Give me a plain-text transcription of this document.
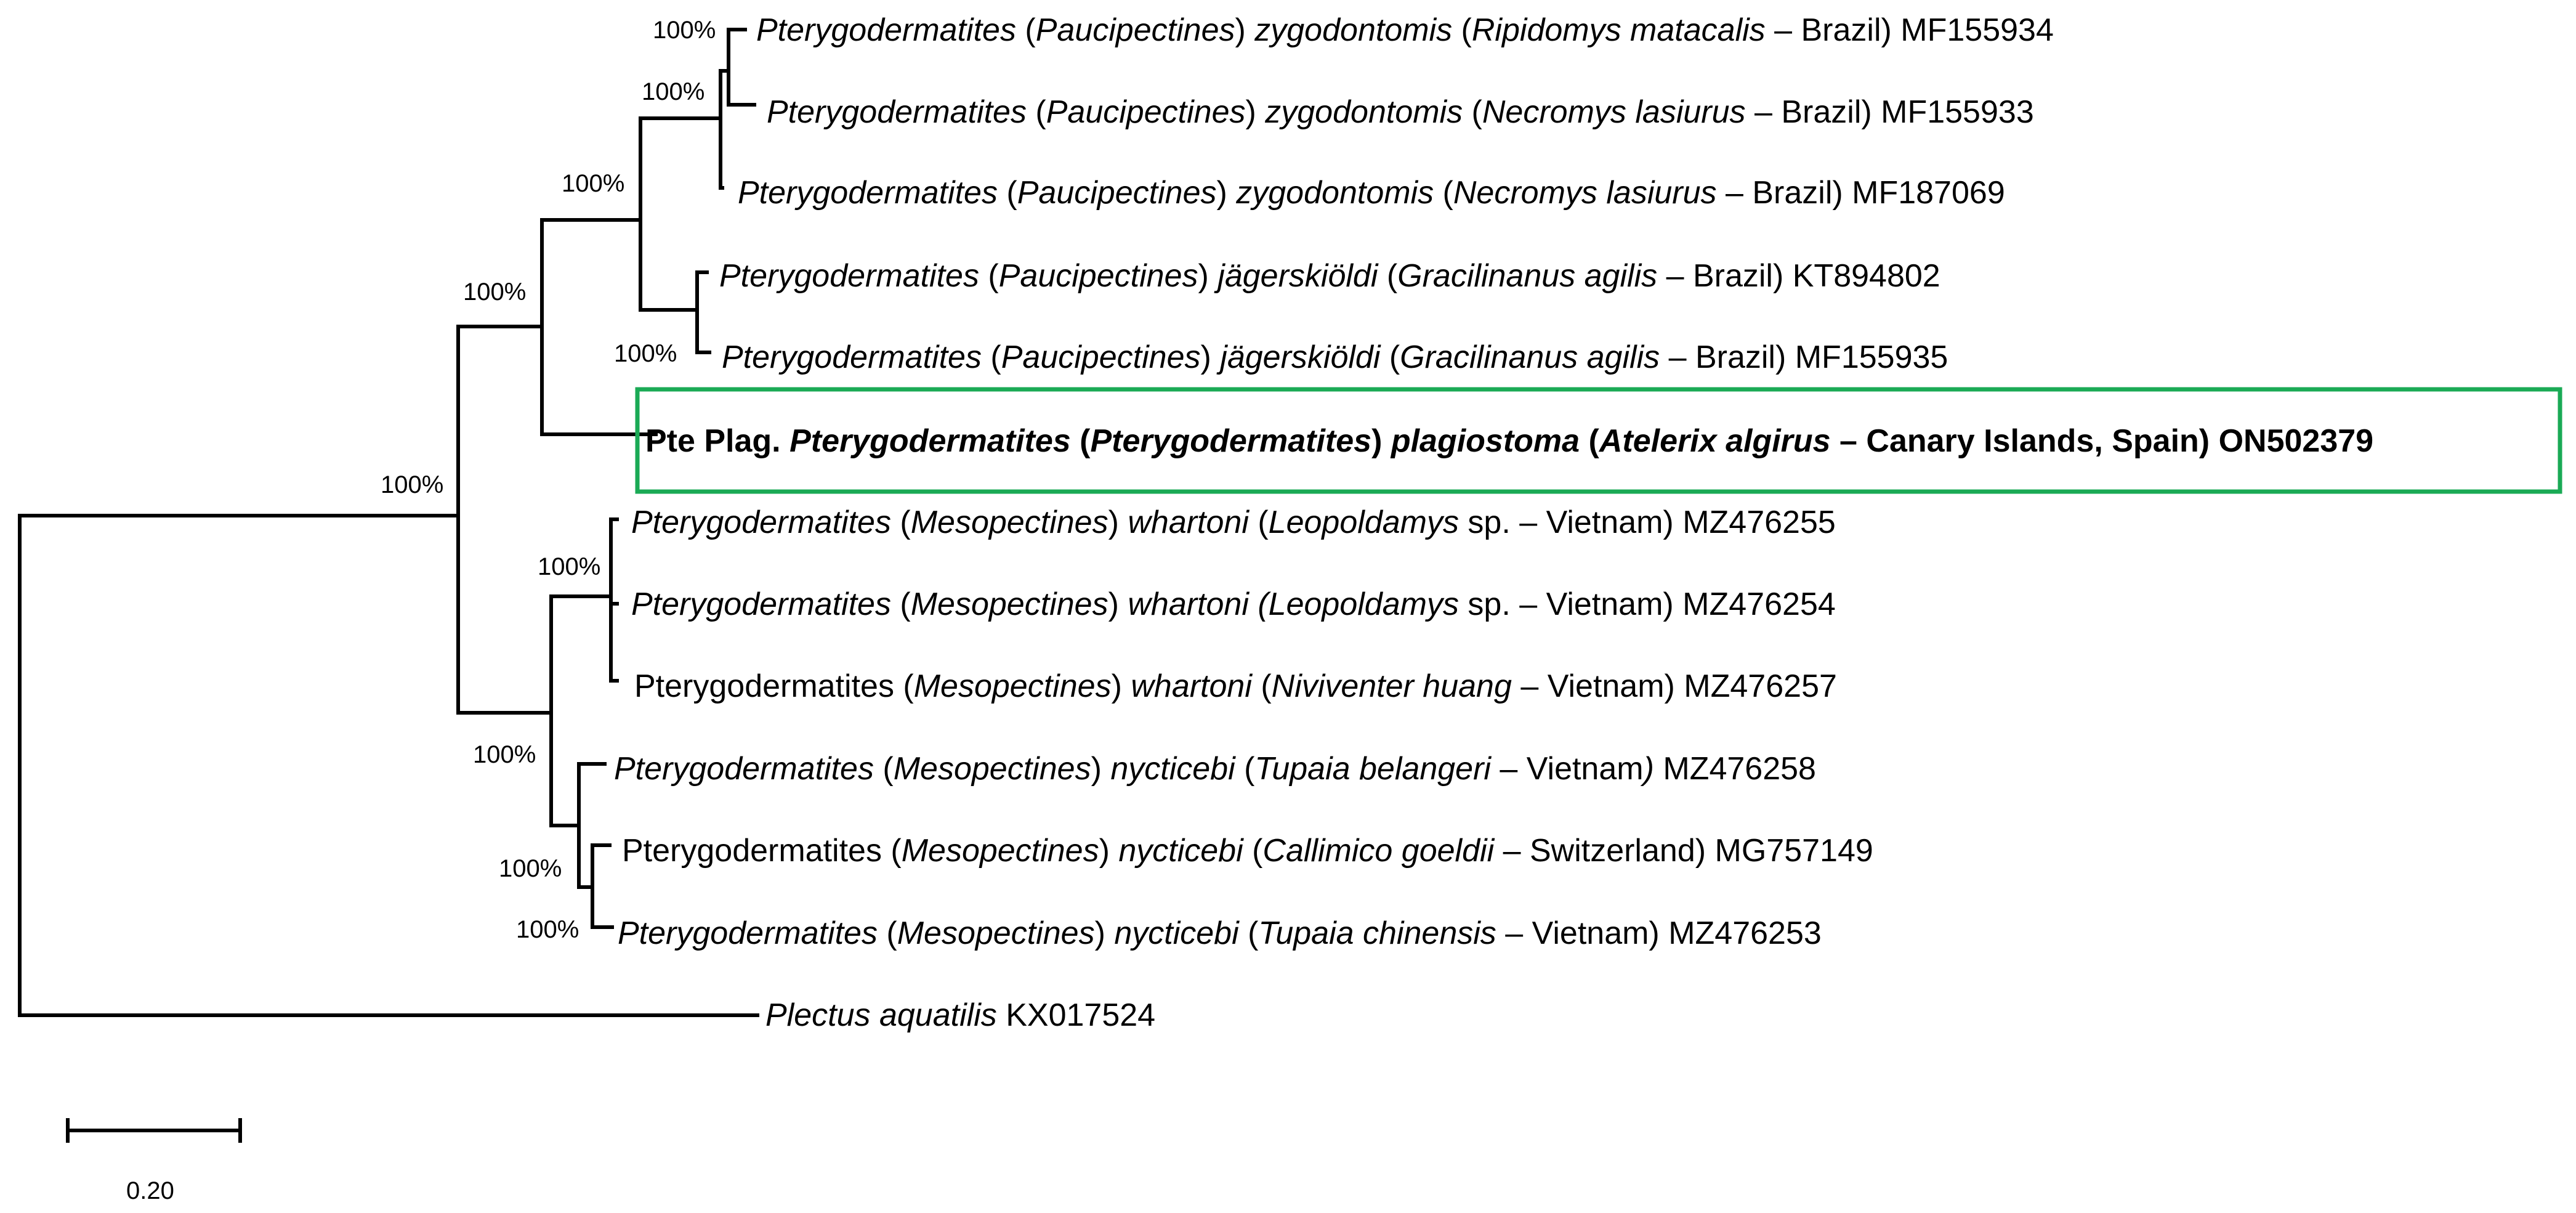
Pterygodermatites (Paucipectines) zygodontomis (Ripidomys matacalis – Brazil) MF155934
Pterygodermatites (Paucipectines) zygodontomis (Necromys lasiurus – Brazil) MF155933
Pterygodermatites (Paucipectines) zygodontomis (Necromys lasiurus – Brazil) MF187069
Pterygodermatites (Paucipectines) jägerskiöldi (Gracilinanus agilis – Brazil) KT894802
Pterygodermatites (Paucipectines) jägerskiöldi (Gracilinanus agilis – Brazil) MF155935
Pte Plag. Pterygodermatites (Pterygodermatites) plagiostoma (Atelerix algirus – Canary Islands, Spain) ON502379
Pterygodermatites (Mesopectines) whartoni (Leopoldamys sp. – Vietnam) MZ476255
Pterygodermatites (Mesopectines) whartoni (Leopoldamys sp. – Vietnam) MZ476254
Pterygodermatites (Mesopectines) whartoni (Niviventer huang – Vietnam) MZ476257
Pterygodermatites (Mesopectines) nycticebi (Tupaia belangeri – Vietnam) MZ476258
Pterygodermatites (Mesopectines) nycticebi (Callimico goeldii – Switzerland) MG757149
Pterygodermatites (Mesopectines) nycticebi (Tupaia chinensis – Vietnam) MZ476253
Plectus aquatilis KX017524
100%
100%
100%
100%
100%
100%
100%
100%
100%
100%
0.20
